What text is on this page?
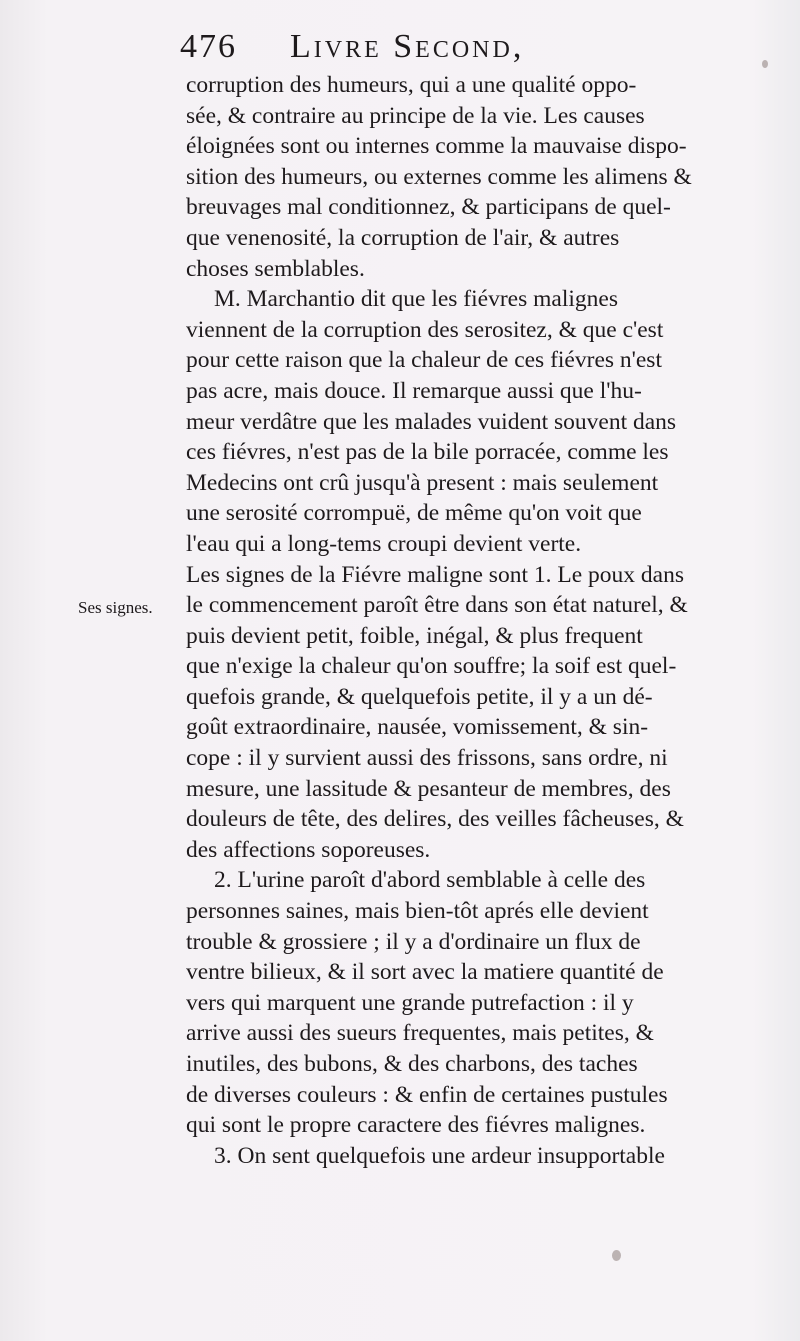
476 Livre Second,
Ses signes.
corruption des humeurs, qui a une qualité oppo-
sée, & contraire au principe de la vie. Les causes
éloignées sont ou internes comme la mauvaise dispo-
sition des humeurs, ou externes comme les alimens &
breuvages mal conditionnez, & participans de quel-
que venenosité, la corruption de l'air, & autres
choses semblables.
M. Marchantio dit que les fiévres malignes
viennent de la corruption des serositez, & que c'est
pour cette raison que la chaleur de ces fiévres n'est
pas acre, mais douce. Il remarque aussi que l'hu-
meur verdâtre que les malades vuident souvent dans
ces fiévres, n'est pas de la bile porracée, comme les
Medecins ont crû jusqu'à present : mais seulement
une serosité corrompuë, de même qu'on voit que
l'eau qui a long-tems croupi devient verte.
Les signes de la Fiévre maligne sont 1. Le poux dans
le commencement paroît être dans son état naturel, &
puis devient petit, foible, inégal, & plus frequent
que n'exige la chaleur qu'on souffre; la soif est quel-
quefois grande, & quelquefois petite, il y a un dé-
goût extraordinaire, nausée, vomissement, & sin-
cope : il y survient aussi des frissons, sans ordre, ni
mesure, une lassitude & pesanteur de membres, des
douleurs de tête, des delires, des veilles fâcheuses, &
des affections soporeuses.
2. L'urine paroît d'abord semblable à celle des
personnes saines, mais bien-tôt aprés elle devient
trouble & grossiere ; il y a d'ordinaire un flux de
ventre bilieux, & il sort avec la matiere quantité de
vers qui marquent une grande putrefaction : il y
arrive aussi des sueurs frequentes, mais petites, &
inutiles, des bubons, & des charbons, des taches
de diverses couleurs : & enfin de certaines pustules
qui sont le propre caractere des fiévres malignes.
3. On sent quelquefois une ardeur insupportable
